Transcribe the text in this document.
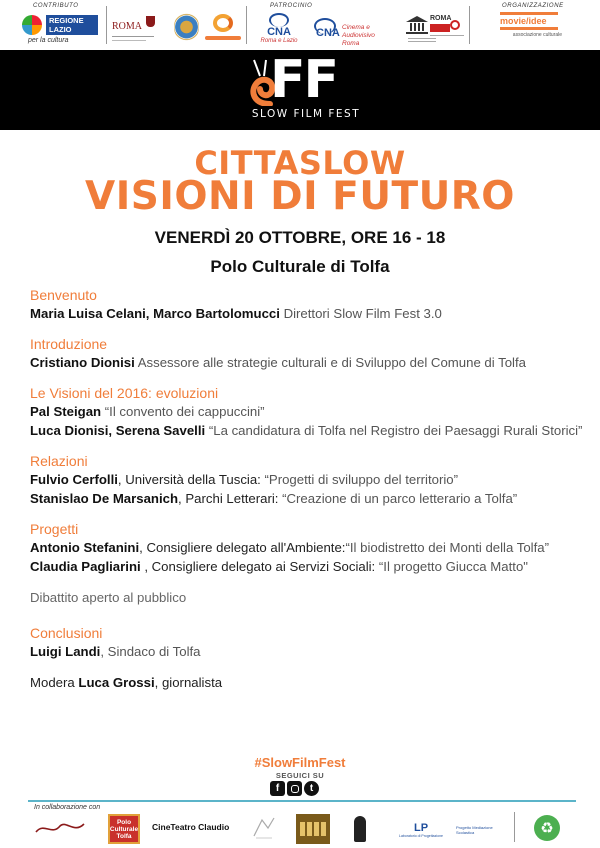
CONTRIBUTO	PATROCINIO	ORGANIZZAZIONE
REGIONE LAZIO
per la cultura
ROMA	CNA
Roma e Lazio
CNA Cinema e Audiovisivo Roma
ROMA	movie/idee
associazione culturale
FF
SLOW FILM FEST
CITTASLOW
VISIONI DI FUTURO
VENERDÌ 20 OTTOBRE, ORE 16 - 18
Polo Culturale di Tolfa
Benvenuto
Maria Luisa Celani, Marco Bartolomucci Direttori Slow Film Fest 3.0
Introduzione
Cristiano Dionisi Assessore alle strategie culturali e di Sviluppo del Comune di Tolfa
Le Visioni del 2016: evoluzioni
Pal Steigan “Il convento dei cappuccini”
Luca Dionisi, Serena Savelli “La candidatura di Tolfa nel Registro dei Paesaggi Rurali Storici”
Relazioni
Fulvio Cerfolli, Università della Tuscia: “Progetti di sviluppo del territorio”
Stanislao De Marsanich, Parchi Letterari: “Creazione di un parco letterario a Tolfa”
Progetti
Antonio Stefanini, Consigliere delegato all'Ambiente:“Il biodistretto dei Monti della Tolfa”
Claudia Pagliarini , Consigliere delegato ai Servizi Sociali: “Il progetto Giucca Matto"
Dibattito aperto al pubblico
Conclusioni
Luigi Landi, Sindaco di Tolfa
Modera Luca Grossi, giornalista
#SlowFilmFest
SEGUICI SU
f	t
In collaborazione con
Polo Culturale Tolfa
CineTeatro Claudio	LP
Laboratorio di Progettazione
Progetto Mediazione Scolastica	♻
